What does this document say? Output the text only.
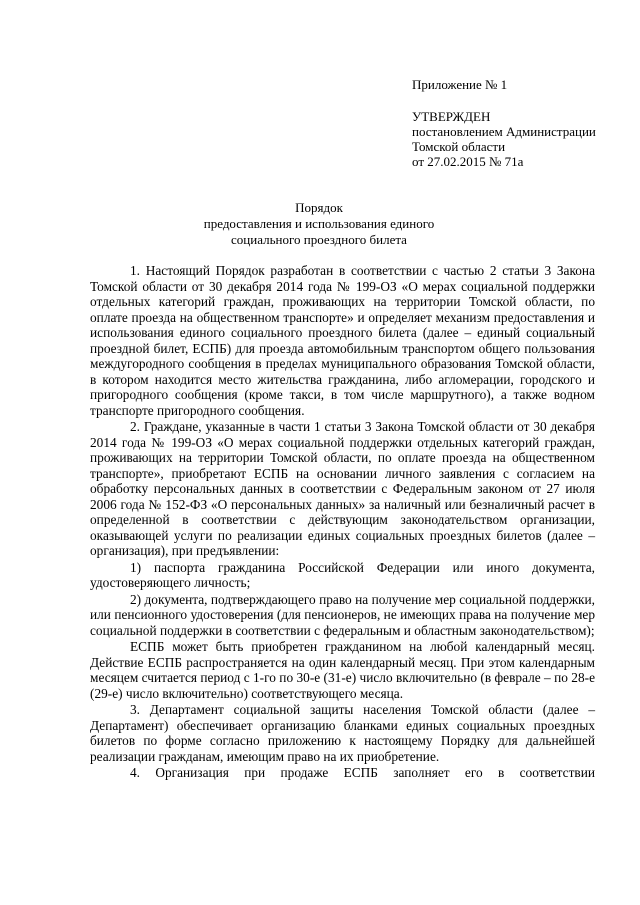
Приложение № 1
УТВЕРЖДЕН
постановлением Администрации
Томской области
от 27.02.2015 № 71а
Порядок
предоставления и использования единого
социального проездного билета

1. Настоящий Порядок разработан в соответствии с частью 2 статьи 3 Закона Томской области от 30 декабря 2014 года № 199-ОЗ «О мерах социальной поддержки отдельных категорий граждан, проживающих на территории Томской области, по оплате проезда на общественном транспорте» и определяет механизм предоставления и использования единого социального проездного билета (далее – единый социальный проездной билет, ЕСПБ) для проезда автомобильным транспортом общего пользования междугородного сообщения в пределах муниципального образования Томской области, в котором находится место жительства гражданина, либо агломерации, городского и пригородного сообщения (кроме такси, в том числе маршрутного), а также водном транспорте пригородного сообщения.

2. Граждане, указанные в части 1 статьи 3 Закона Томской области от 30 декабря 2014 года № 199-ОЗ «О мерах социальной поддержки отдельных категорий граждан, проживающих на территории Томской области, по оплате проезда на общественном транспорте», приобретают ЕСПБ на основании личного заявления с согласием на обработку персональных данных в соответствии с Федеральным законом от 27 июля 2006 года № 152-ФЗ «О персональных данных» за наличный или безналичный расчет в определенной в соответствии с действующим законодательством организации, оказывающей услуги по реализации единых социальных проездных билетов (далее – организация), при предъявлении:

1) паспорта гражданина Российской Федерации или иного документа, удостоверяющего личность;

2) документа, подтверждающего право на получение мер социальной поддержки, или пенсионного удостоверения (для пенсионеров, не имеющих права на получение мер социальной поддержки в соответствии с федеральным и областным законодательством);

ЕСПБ может быть приобретен гражданином на любой календарный месяц. Действие ЕСПБ распространяется на один календарный месяц. При этом календарным месяцем считается период с 1-го по 30-е (31-е) число включительно (в феврале – по 28-е (29-е) число включительно) соответствующего месяца.

3. Департамент социальной защиты населения Томской области (далее – Департамент) обеспечивает организацию бланками единых социальных проездных билетов по форме согласно приложению к настоящему Порядку для дальнейшей реализации гражданам, имеющим право на их приобретение.

4. Организация при продаже ЕСПБ заполняет его в соответствии
